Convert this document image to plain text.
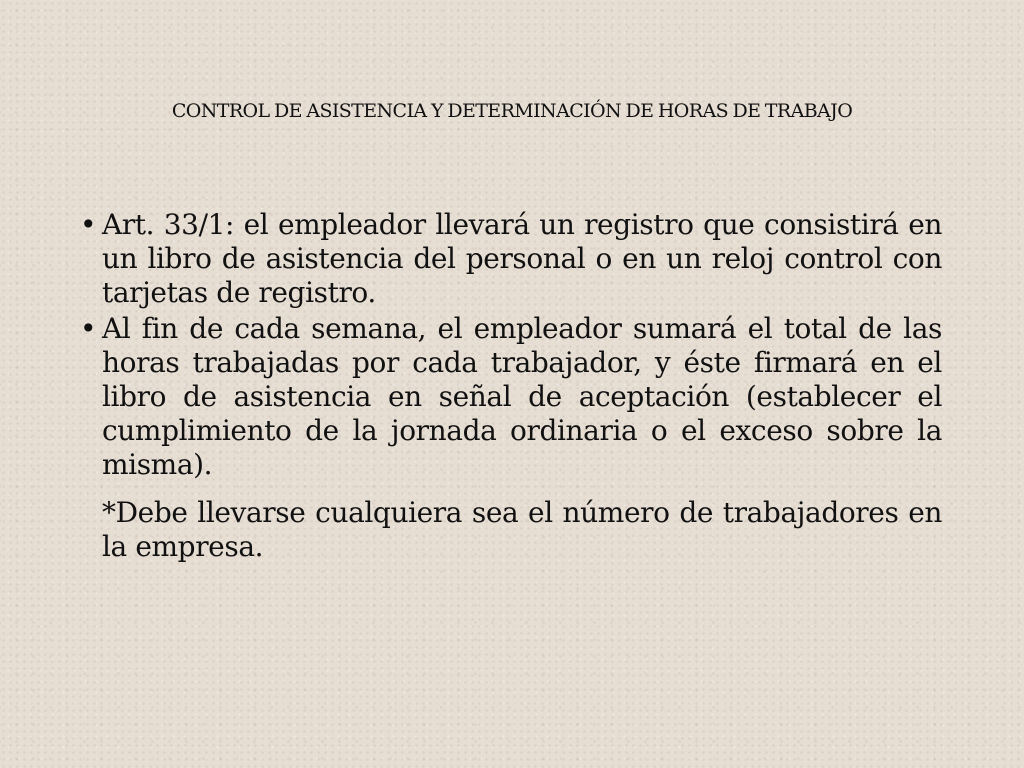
CONTROL DE ASISTENCIA Y DETERMINACIÓN DE HORAS DE TRABAJO
• Art. 33/1: el empleador llevará un registro que consistirá en un libro de asistencia del personal o en un reloj control con tarjetas de registro.
• Al fin de cada semana, el empleador sumará el total de las horas trabajadas por cada trabajador, y éste firmará en el libro de asistencia en señal de aceptación (establecer el cumplimiento de la jornada ordinaria o el exceso sobre la misma).
*Debe llevarse cualquiera sea el número de trabajadores en la empresa.
